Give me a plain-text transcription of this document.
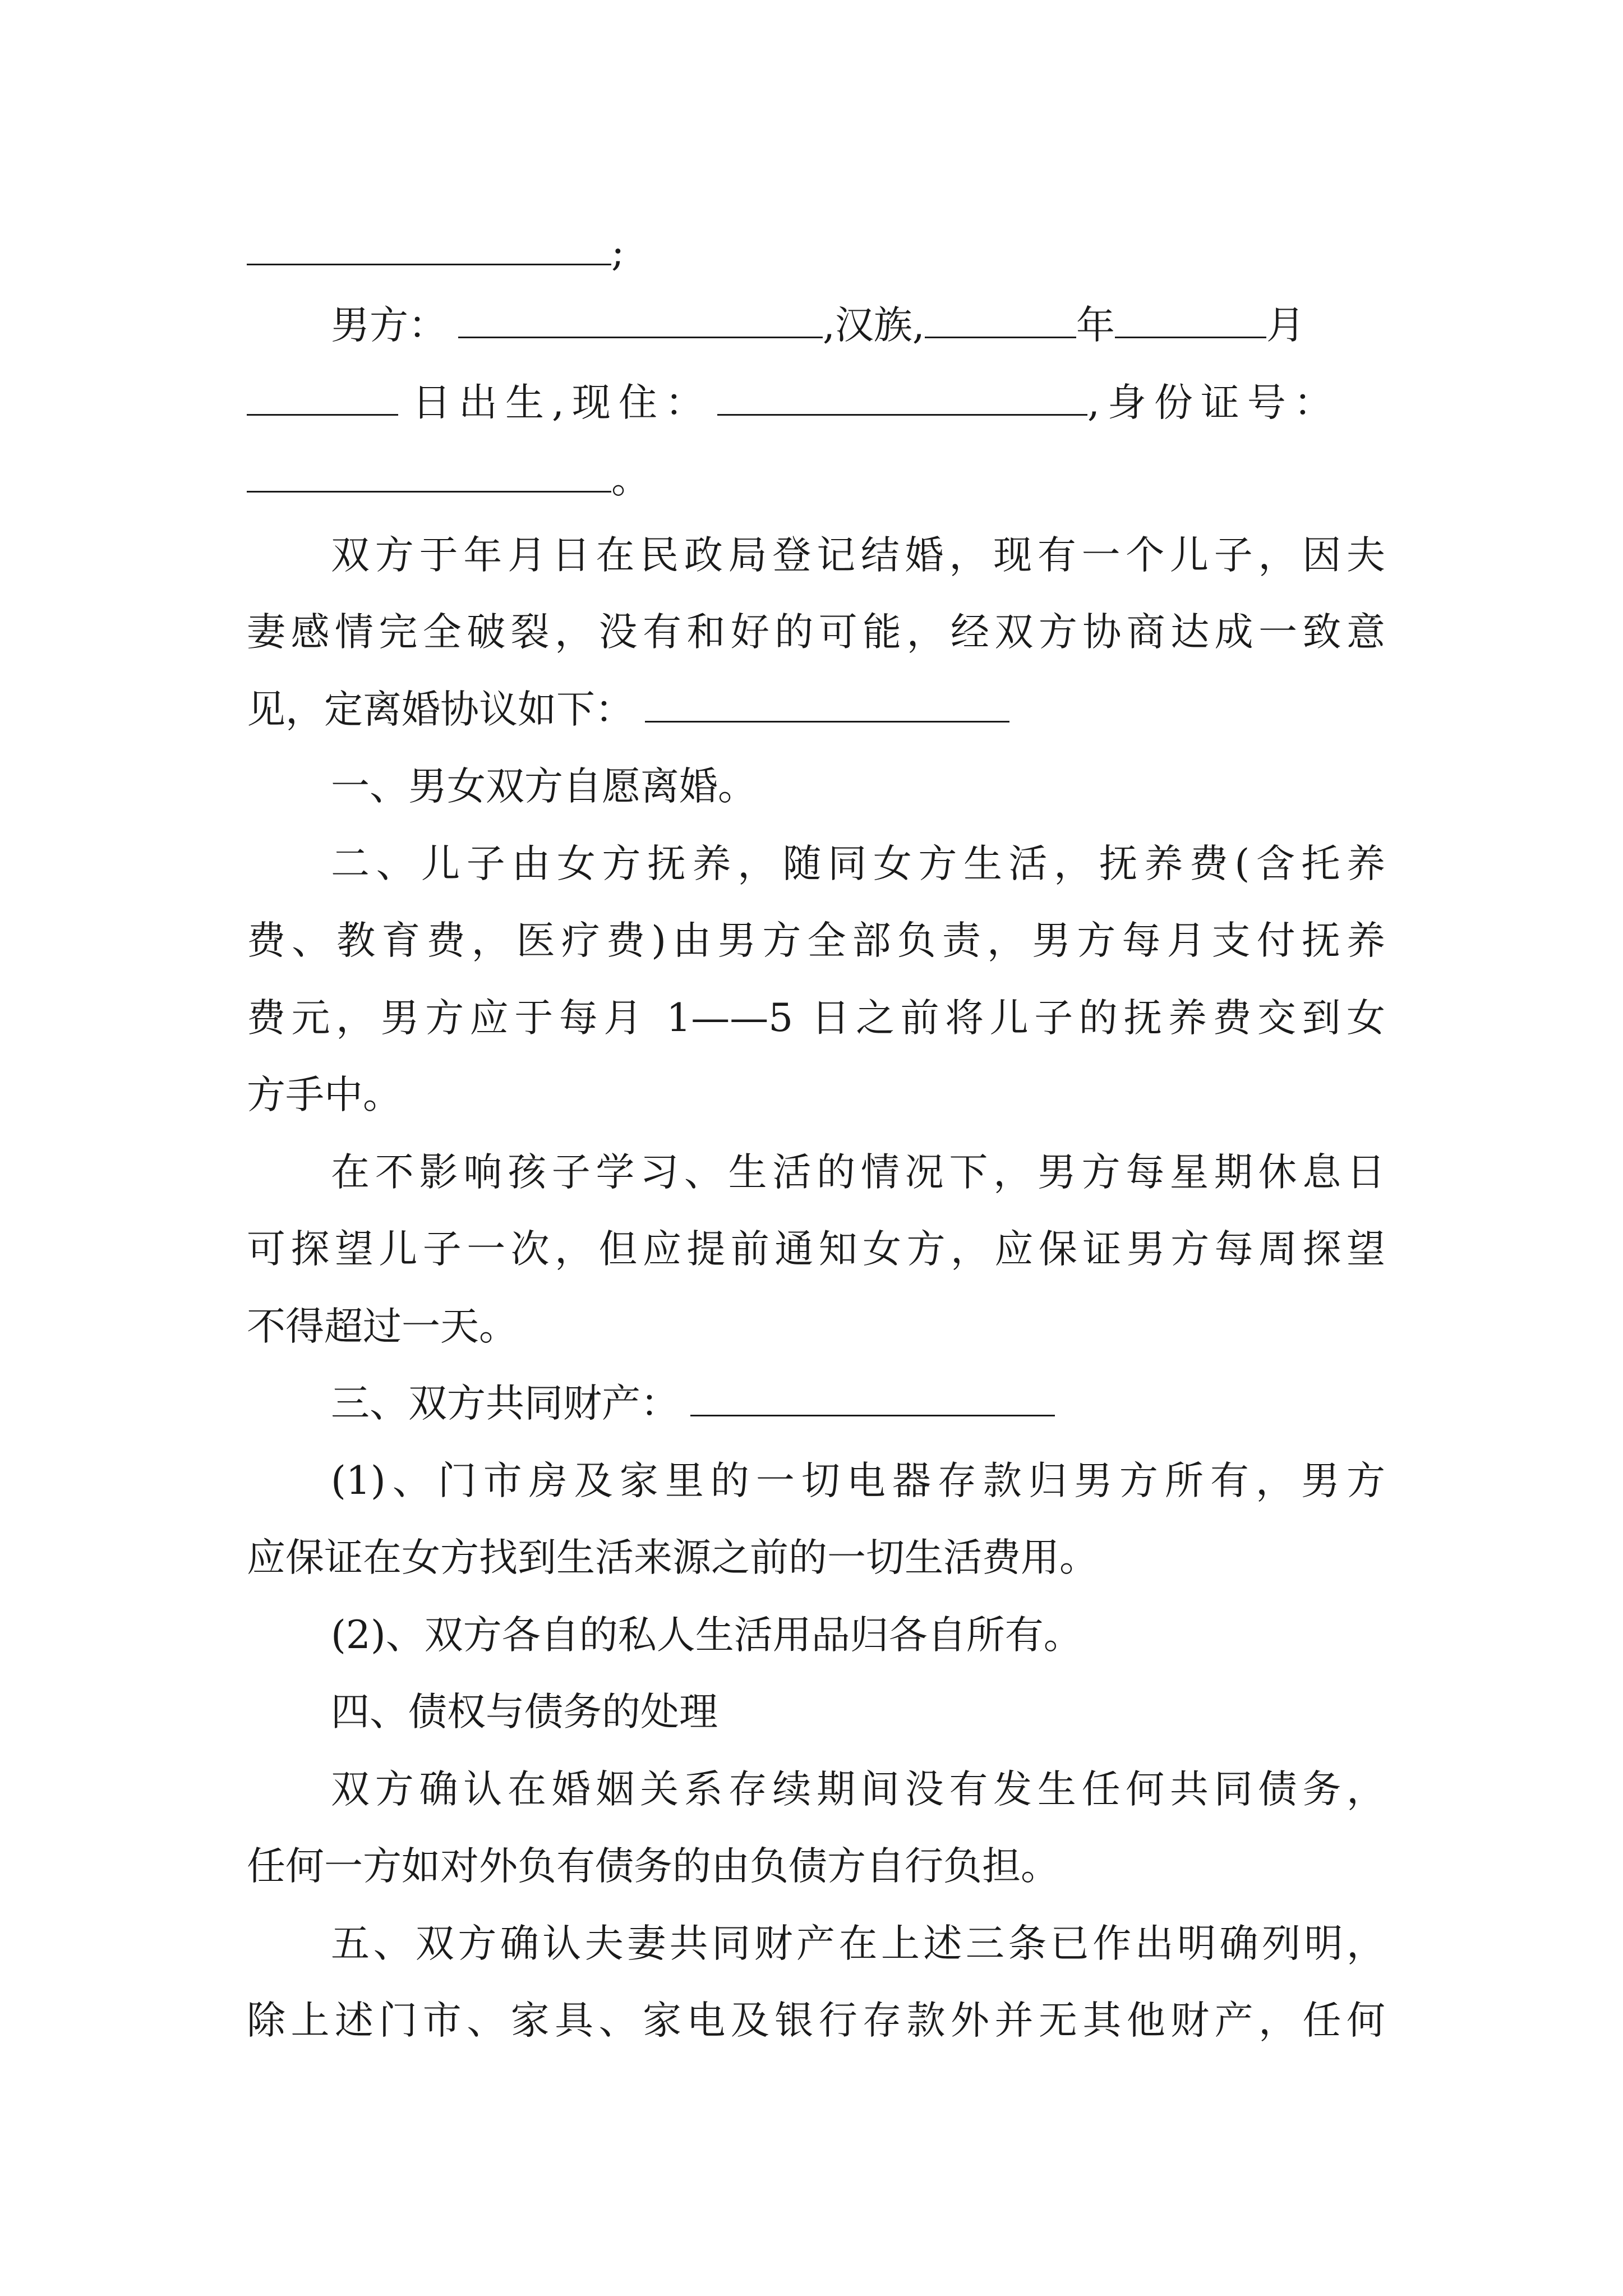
;
男方：	,汉族,	年	月
日出生,现住：	,身份证号：
。
双方于年月日在民政局登记结婚，现有一个儿子，因夫
妻感情完全破裂，没有和好的可能，经双方协商达成一致意
见，定离婚协议如下：
一、男女双方自愿离婚。
二、儿子由女方抚养，随同女方生活，抚养费(含托养
费、教育费，医疗费)由男方全部负责，男方每月支付抚养
费元，男方应于每月 1——5 日之前将儿子的抚养费交到女
方手中。
在不影响孩子学习、生活的情况下，男方每星期休息日
可探望儿子一次，但应提前通知女方，应保证男方每周探望
不得超过一天。
三、双方共同财产：
(1)、门市房及家里的一切电器存款归男方所有，男方
应保证在女方找到生活来源之前的一切生活费用。
(2)、双方各自的私人生活用品归各自所有。
四、债权与债务的处理
双方确认在婚姻关系存续期间没有发生任何共同债务，
任何一方如对外负有债务的由负债方自行负担。
五、双方确认夫妻共同财产在上述三条已作出明确列明，
除上述门市、家具、家电及银行存款外并无其他财产，任何
